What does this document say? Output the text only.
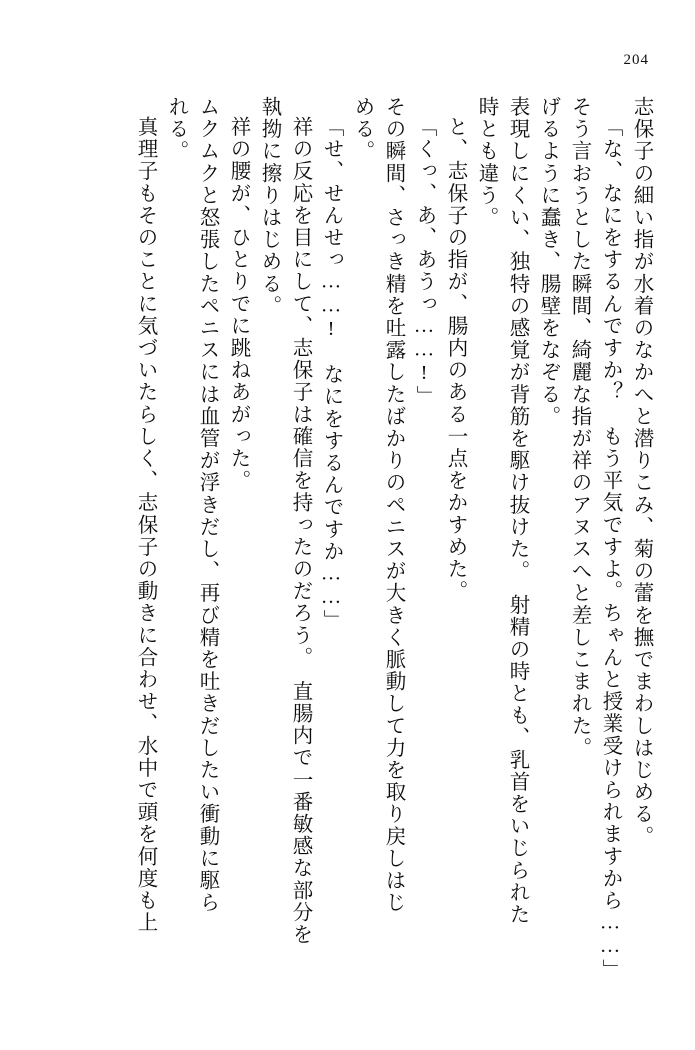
204
志保子の細い指が水着のなかへと潜りこみ、菊の蕾を撫でまわしはじめる。
「な、なにをするんですか？　もう平気ですよ。ちゃんと授業受けられますから……」
そう言おうとした瞬間、綺麗な指が祥のアヌスへと差しこまれた。
げるように蠢き、腸壁をなぞる。
表現しにくい、独特の感覚が背筋を駆け抜けた。　射精の時とも、乳首をいじられた
時とも違う。
と、志保子の指が、腸内のある一点をかすめた。
「くっ、あ、あうっ……!」
その瞬間、さっき精を吐露したばかりのペニスが大きく脈動して力を取り戻しはじ
める。
「せ、せんせっ……!　なにをするんですか……」
祥の反応を目にして、志保子は確信を持ったのだろう。　直腸内で一番敏感な部分を
執拗に擦りはじめる。
祥の腰が、ひとりでに跳ねあがった。
ムクムクと怒張したペニスには血管が浮きだし、再び精を吐きだしたい衝動に駆ら
れる。
真理子もそのことに気づいたらしく、志保子の動きに合わせ、水中で頭を何度も上
